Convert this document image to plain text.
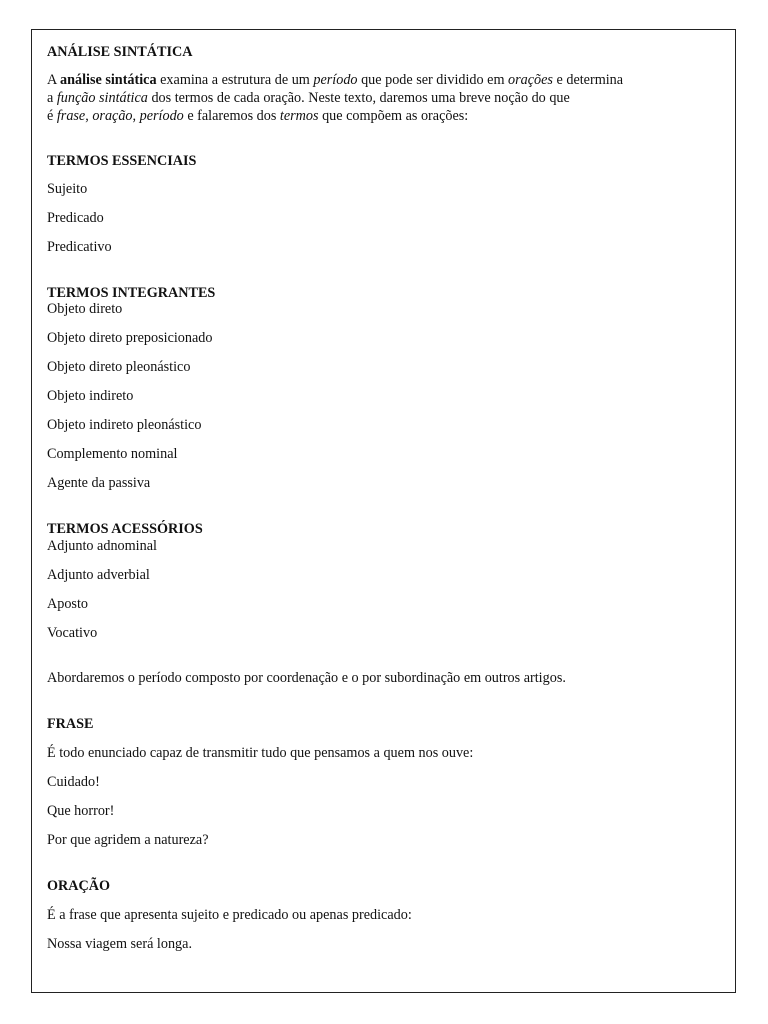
ANÁLISE SINTÁTICA
A análise sintática examina a estrutura de um período que pode ser dividido em orações e determina
a função sintática dos termos de cada oração. Neste texto, daremos uma breve noção do que
é frase, oração, período e falaremos dos termos que compõem as orações:
TERMOS ESSENCIAIS
Sujeito
Predicado
Predicativo
TERMOS INTEGRANTES
Objeto direto
Objeto direto preposicionado
Objeto direto pleonástico
Objeto indireto
Objeto indireto pleonástico
Complemento nominal
Agente da passiva
TERMOS ACESSÓRIOS
Adjunto adnominal
Adjunto adverbial
Aposto
Vocativo
Abordaremos o período composto por coordenação e o por subordinação em outros artigos.
FRASE
É todo enunciado capaz de transmitir tudo que pensamos a quem nos ouve:
Cuidado!
Que horror!
Por que agridem a natureza?
ORAÇÃO
É a frase que apresenta sujeito e predicado ou apenas predicado:
Nossa viagem será longa.
